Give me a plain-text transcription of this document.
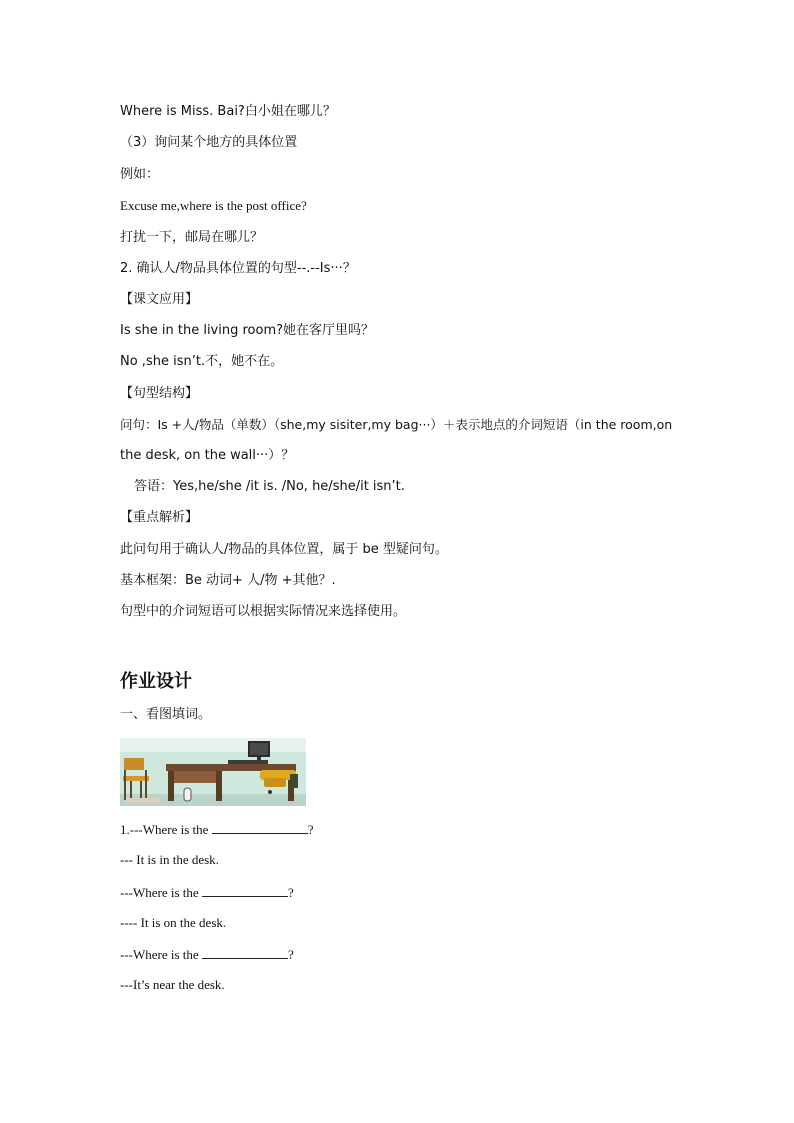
Where is Miss. Bai?白小姐在哪儿？
（3）询问某个地方的具体位置
例如：
Excuse me,where is the post office?
打扰一下，邮局在哪儿？
2. 确认人/物品具体位置的句型--.--Is···？
【课文应用】
Is she in the living room?她在客厅里吗？
No ,she isn’t.不，她不在。
【句型结构】
问句：Is +人/物品（单数）（she,my sisiter,my bag···）＋表示地点的介词短语（in the room,on
the desk, on the wall···）？
答语：Yes,he/she /it is. /No, he/she/it isn’t.
【重点解析】
此问句用于确认人/物品的具体位置，属于 be 型疑问句。
基本框架：Be 动词+ 人/物 +其他？.
句型中的介词短语可以根据实际情况来选择使用。
作业设计
一、看图填词。
1.---Where is the	?
--- It is in the desk.
---Where is the	?
---- It is on the desk.
---Where is the	?
---It’s near the desk.
